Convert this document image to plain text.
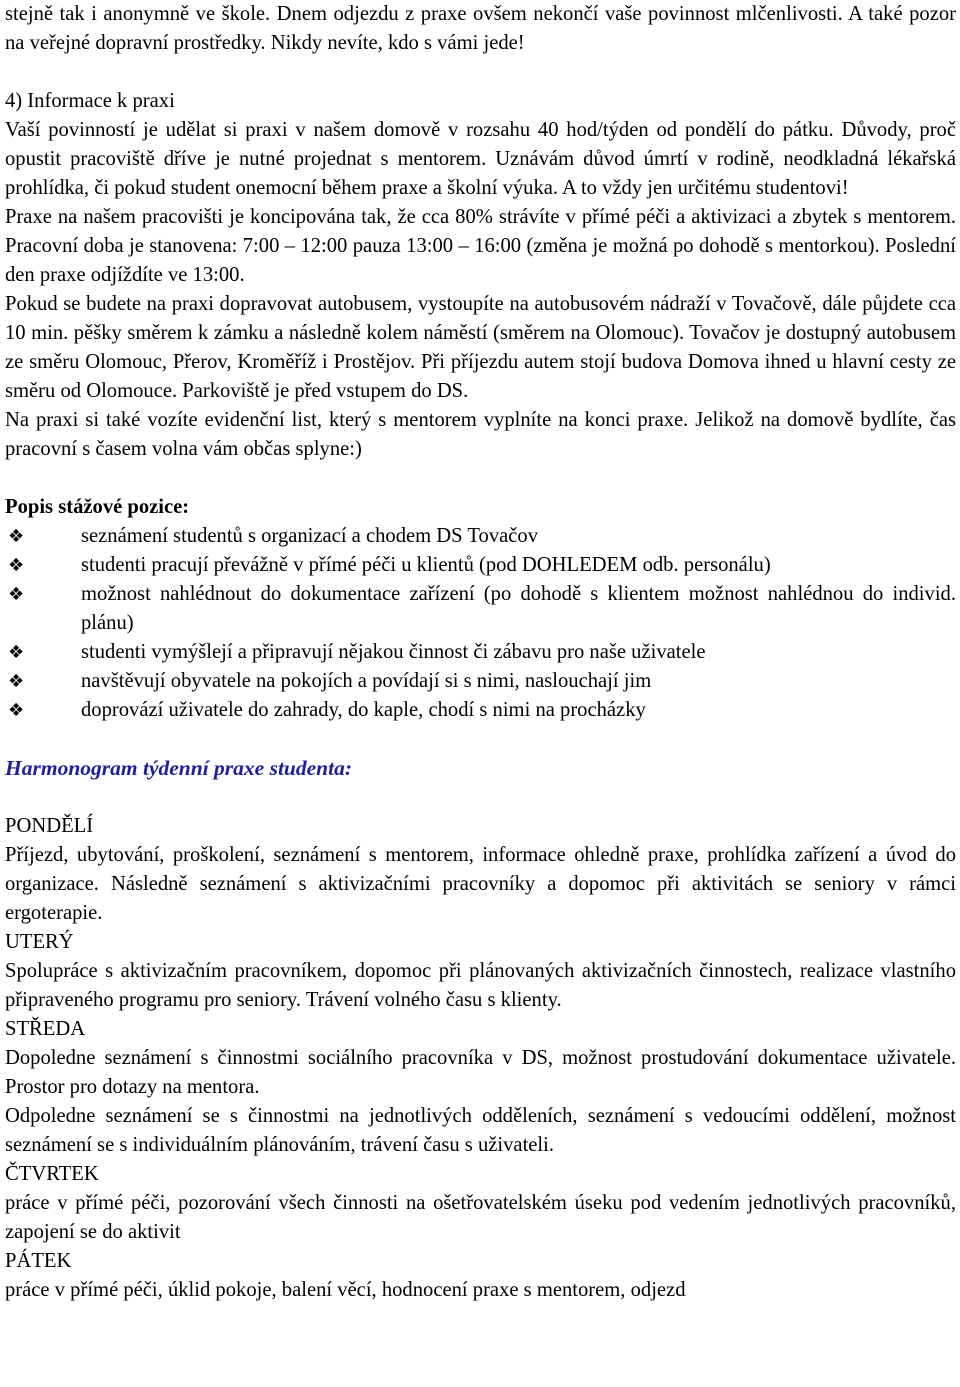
stejně tak i anonymně ve škole. Dnem odjezdu z praxe ovšem nekončí vaše povinnost mlčenlivosti. A také pozor na veřejné dopravní prostředky. Nikdy nevíte, kdo s vámi jede!

4) Informace k praxi

Vaší povinností je udělat si praxi v našem domově v rozsahu 40 hod/týden od pondělí do pátku. Důvody, proč opustit pracoviště dříve je nutné projednat s mentorem. Uznávám důvod úmrtí v rodině, neodkladná lékařská prohlídka, či pokud student onemocní během praxe a školní výuka. A to vždy jen určitému studentovi!

Praxe na našem pracovišti je koncipována tak, že cca 80% strávíte v přímé péči a aktivizaci a zbytek s mentorem. Pracovní doba je stanovena: 7:00 – 12:00 pauza 13:00 – 16:00 (změna je možná po dohodě s mentorkou). Poslední den praxe odjíždíte ve 13:00.

Pokud se budete na praxi dopravovat autobusem, vystoupíte na autobusovém nádraží v Tovačově, dále půjdete cca 10 min. pěšky směrem k zámku a následně kolem náměstí (směrem na Olomouc). Tovačov je dostupný autobusem ze směru Olomouc, Přerov, Kroměříž i Prostějov. Při příjezdu autem stojí budova Domova ihned u hlavní cesty ze směru od Olomouce. Parkoviště je před vstupem do DS.

Na praxi si také vozíte evidenční list, který s mentorem vyplníte na konci praxe. Jelikož na domově bydlíte, čas pracovní s časem volna vám občas splyne:)

Popis stážové pozice:

❖	seznámení studentů s organizací a chodem DS Tovačov
❖	studenti pracují převážně v přímé péči u klientů (pod DOHLEDEM odb. personálu)
❖	možnost nahlédnout do dokumentace zařízení (po dohodě s klientem možnost nahlédnou do individ. plánu)
❖	studenti vymýšlejí a připravují nějakou činnost či zábavu pro naše uživatele
❖	navštěvují obyvatele na pokojích a povídají si s nimi, naslouchají jim
❖	doprovází uživatele do zahrady, do kaple, chodí s nimi na procházky

Harmonogram týdenní praxe studenta:

PONDĚLÍ

Příjezd, ubytování, proškolení, seznámení s mentorem, informace ohledně praxe, prohlídka zařízení a úvod do organizace. Následně seznámení s aktivizačními pracovníky a dopomoc při aktivitách se seniory v rámci ergoterapie.

UTERÝ

Spolupráce s aktivizačním pracovníkem, dopomoc při plánovaných aktivizačních činnostech, realizace vlastního připraveného programu pro seniory. Trávení volného času s klienty.

STŘEDA

Dopoledne seznámení s činnostmi sociálního pracovníka v DS, možnost prostudování dokumentace uživatele. Prostor pro dotazy na mentora.

Odpoledne seznámení se s činnostmi na jednotlivých odděleních, seznámení s vedoucími oddělení, možnost seznámení se s individuálním plánováním, trávení času s uživateli.

ČTVRTEK

práce v přímé péči, pozorování všech činnosti na ošetřovatelském úseku pod vedením jednotlivých pracovníků, zapojení se do aktivit

PÁTEK

práce v přímé péči, úklid pokoje, balení věcí, hodnocení praxe s mentorem, odjezd
